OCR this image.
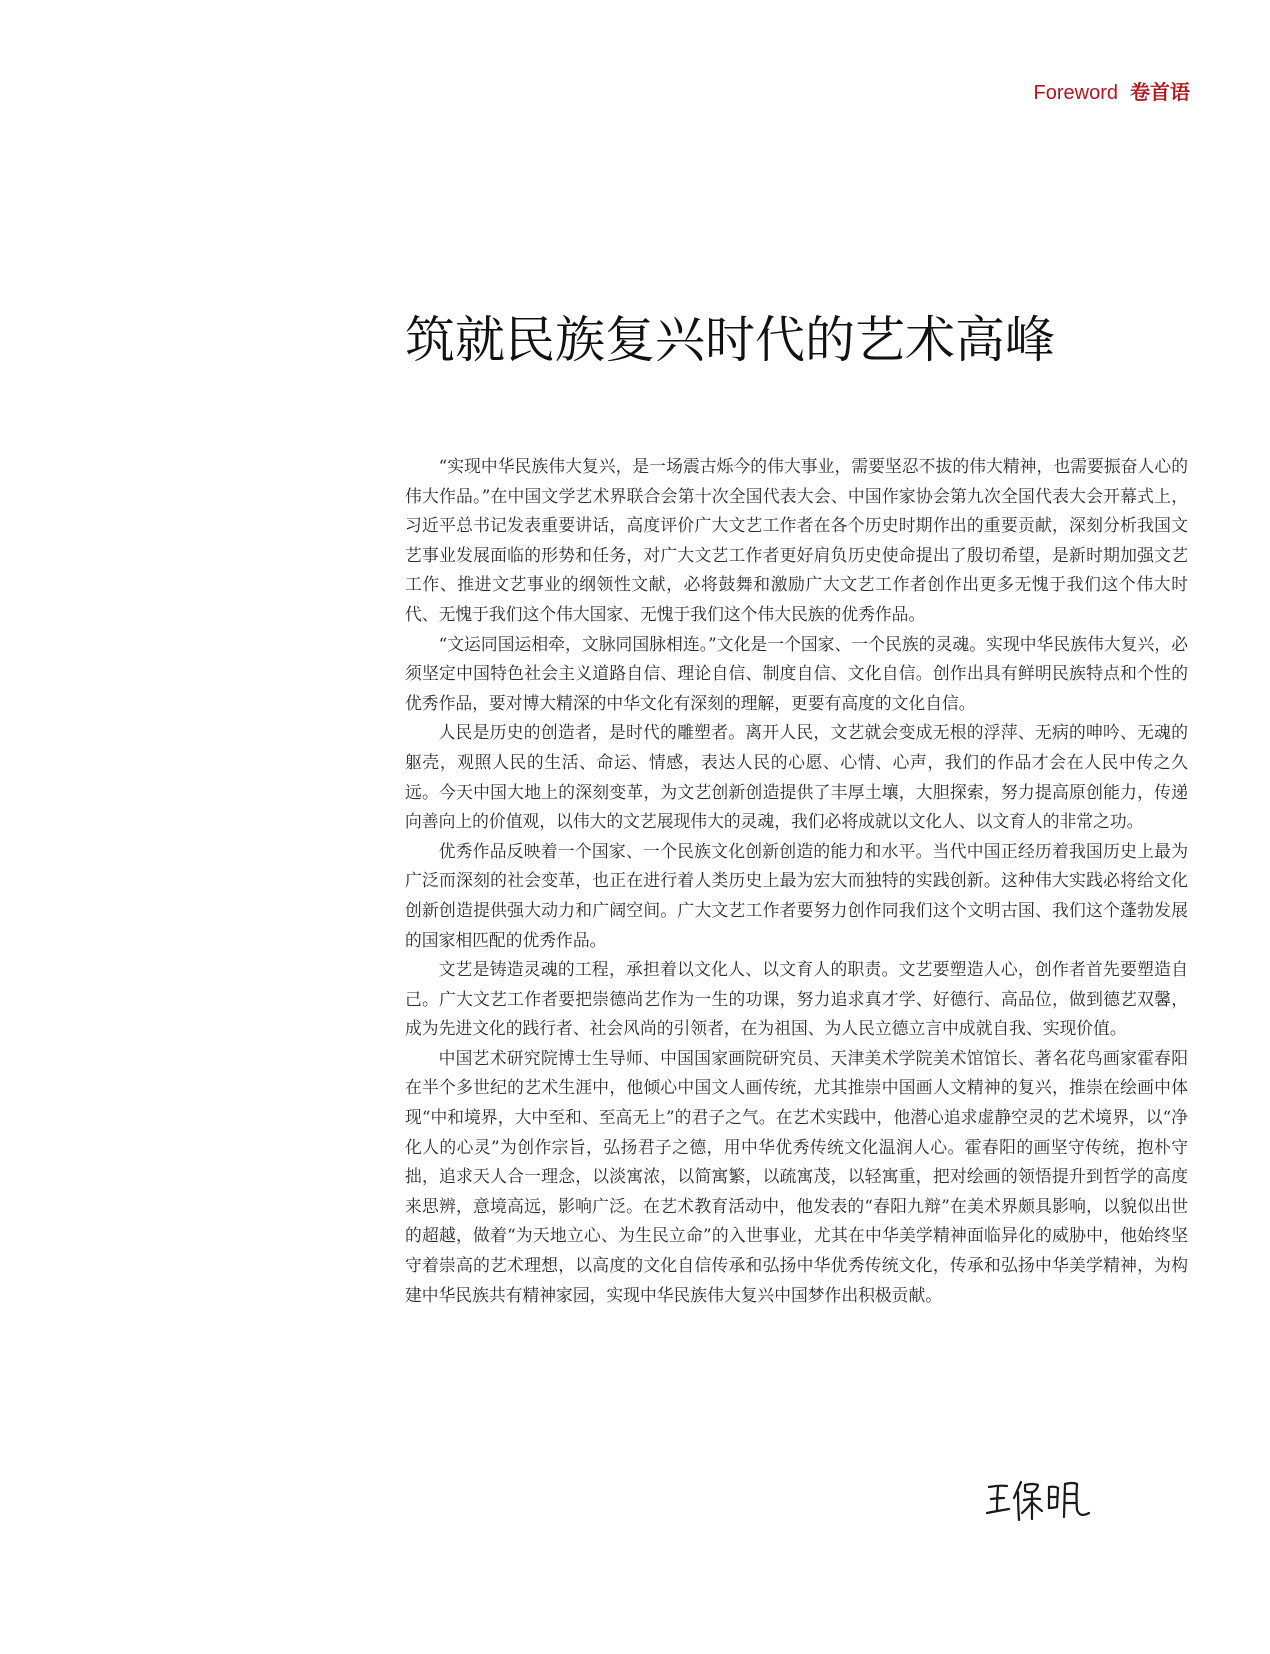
Foreword 卷首语
筑就民族复兴时代的艺术高峰

“实现中华民族伟大复兴，是一场震古烁今的伟大事业，需要坚忍不拔的伟大精神，也需要振奋人心的伟大作品。”在中国文学艺术界联合会第十次全国代表大会、中国作家协会第九次全国代表大会开幕式上，习近平总书记发表重要讲话，高度评价广大文艺工作者在各个历史时期作出的重要贡献，深刻分析我国文艺事业发展面临的形势和任务，对广大文艺工作者更好肩负历史使命提出了殷切希望，是新时期加强文艺工作、推进文艺事业的纲领性文献，必将鼓舞和激励广大文艺工作者创作出更多无愧于我们这个伟大时代、无愧于我们这个伟大国家、无愧于我们这个伟大民族的优秀作品。

“文运同国运相牵，文脉同国脉相连。”文化是一个国家、一个民族的灵魂。实现中华民族伟大复兴，必须坚定中国特色社会主义道路自信、理论自信、制度自信、文化自信。创作出具有鲜明民族特点和个性的优秀作品，要对博大精深的中华文化有深刻的理解，更要有高度的文化自信。

人民是历史的创造者，是时代的雕塑者。离开人民，文艺就会变成无根的浮萍、无病的呻吟、无魂的躯壳，观照人民的生活、命运、情感，表达人民的心愿、心情、心声，我们的作品才会在人民中传之久远。今天中国大地上的深刻变革，为文艺创新创造提供了丰厚土壤，大胆探索，努力提高原创能力，传递向善向上的价值观，以伟大的文艺展现伟大的灵魂，我们必将成就以文化人、以文育人的非常之功。

优秀作品反映着一个国家、一个民族文化创新创造的能力和水平。当代中国正经历着我国历史上最为广泛而深刻的社会变革，也正在进行着人类历史上最为宏大而独特的实践创新。这种伟大实践必将给文化创新创造提供强大动力和广阔空间。广大文艺工作者要努力创作同我们这个文明古国、我们这个蓬勃发展的国家相匹配的优秀作品。

文艺是铸造灵魂的工程，承担着以文化人、以文育人的职责。文艺要塑造人心，创作者首先要塑造自己。广大文艺工作者要把崇德尚艺作为一生的功课，努力追求真才学、好德行、高品位，做到德艺双馨，成为先进文化的践行者、社会风尚的引领者，在为祖国、为人民立德立言中成就自我、实现价值。

中国艺术研究院博士生导师、中国国家画院研究员、天津美术学院美术馆馆长、著名花鸟画家霍春阳在半个多世纪的艺术生涯中，他倾心中国文人画传统，尤其推崇中国画人文精神的复兴，推崇在绘画中体现“中和境界，大中至和、至高无上”的君子之气。在艺术实践中，他潜心追求虚静空灵的艺术境界，以“净化人的心灵”为创作宗旨，弘扬君子之德，用中华优秀传统文化温润人心。霍春阳的画坚守传统，抱朴守拙，追求天人合一理念，以淡寓浓，以简寓繁，以疏寓茂，以轻寓重，把对绘画的领悟提升到哲学的高度来思辨，意境高远，影响广泛。在艺术教育活动中，他发表的“春阳九辩”在美术界颇具影响，以貌似出世的超越，做着“为天地立心、为生民立命”的入世事业，尤其在中华美学精神面临异化的威胁中，他始终坚守着崇高的艺术理想，以高度的文化自信传承和弘扬中华优秀传统文化，传承和弘扬中华美学精神，为构建中华民族共有精神家园，实现中华民族伟大复兴中国梦作出积极贡献。
